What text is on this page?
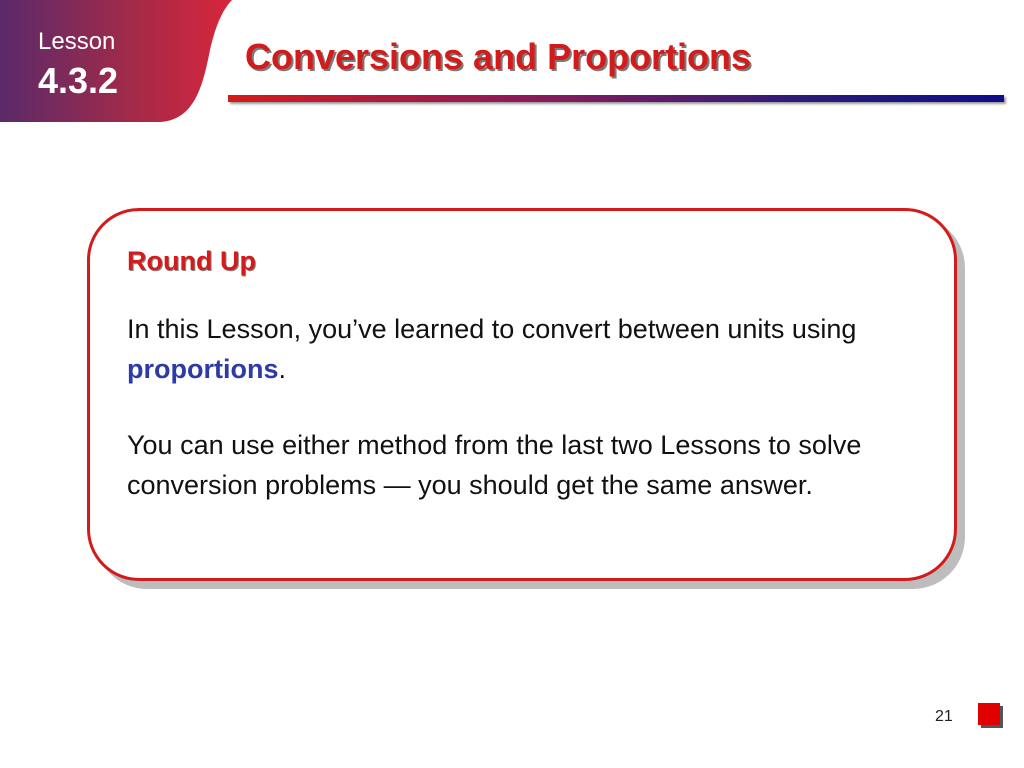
Lesson
4.3.2
Conversions and Proportions
Round Up
In this Lesson, you’ve learned to convert between units using proportions.
You can use either method from the last two Lessons to solve conversion problems — you should get the same answer.
21
